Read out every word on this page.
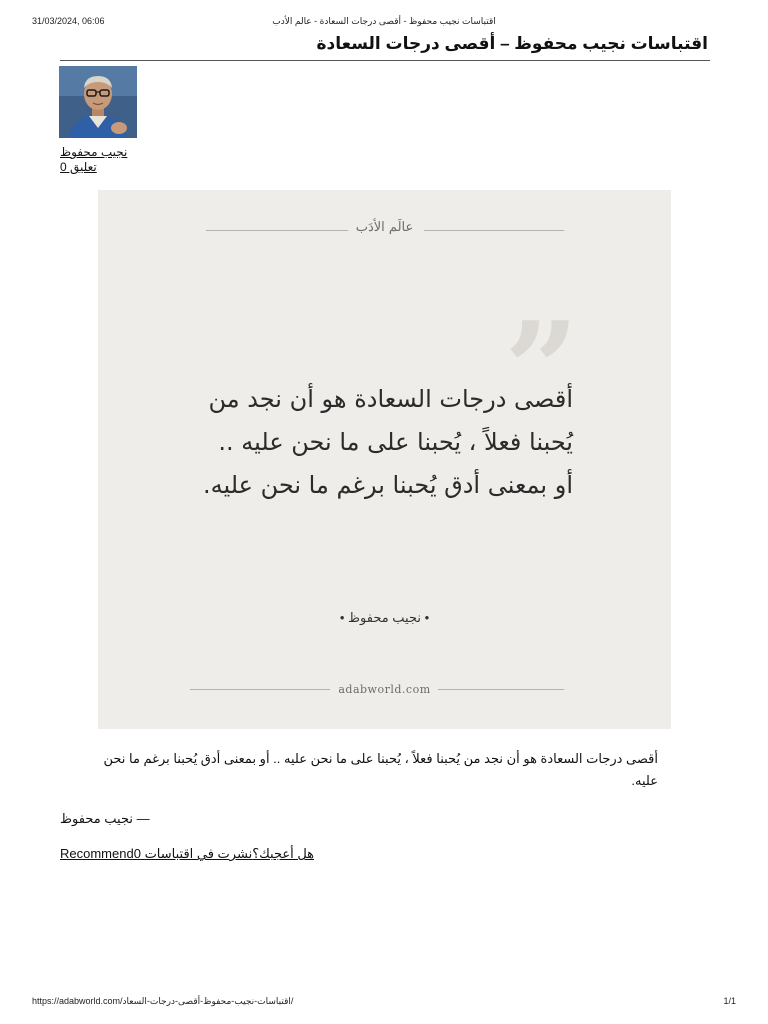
31/03/2024, 06:06	اقتباسات نجيب محفوظ - أقصى درجات السعادة - عالم الأدب
اقتباسات نجيب محفوظ – أقصى درجات السعادة
نجيب محفوظ
تعليق 0
عالَم الأدَب
”
أقصى درجات السعادة هو أن نجد من
يُحبنا فعلاً ، يُحبنا على ما نحن عليه ..
أو بمعنى أدق يُحبنا برغم ما نحن عليه.
• نجيب محفوظ •
adabworld.com
أقصى درجات السعادة هو أن نجد من يُحبنا فعلاً ، يُحبنا على ما نحن عليه .. أو بمعنى أدق يُحبنا برغم ما نحن عليه.
— نجيب محفوظ
هل أعجبك؟نشرت في اقتباسات Recommend0
https://adabworld.com/اقتباسات-نجيب-محفوظ-أقصى-درجات-السعاد/	1/1
